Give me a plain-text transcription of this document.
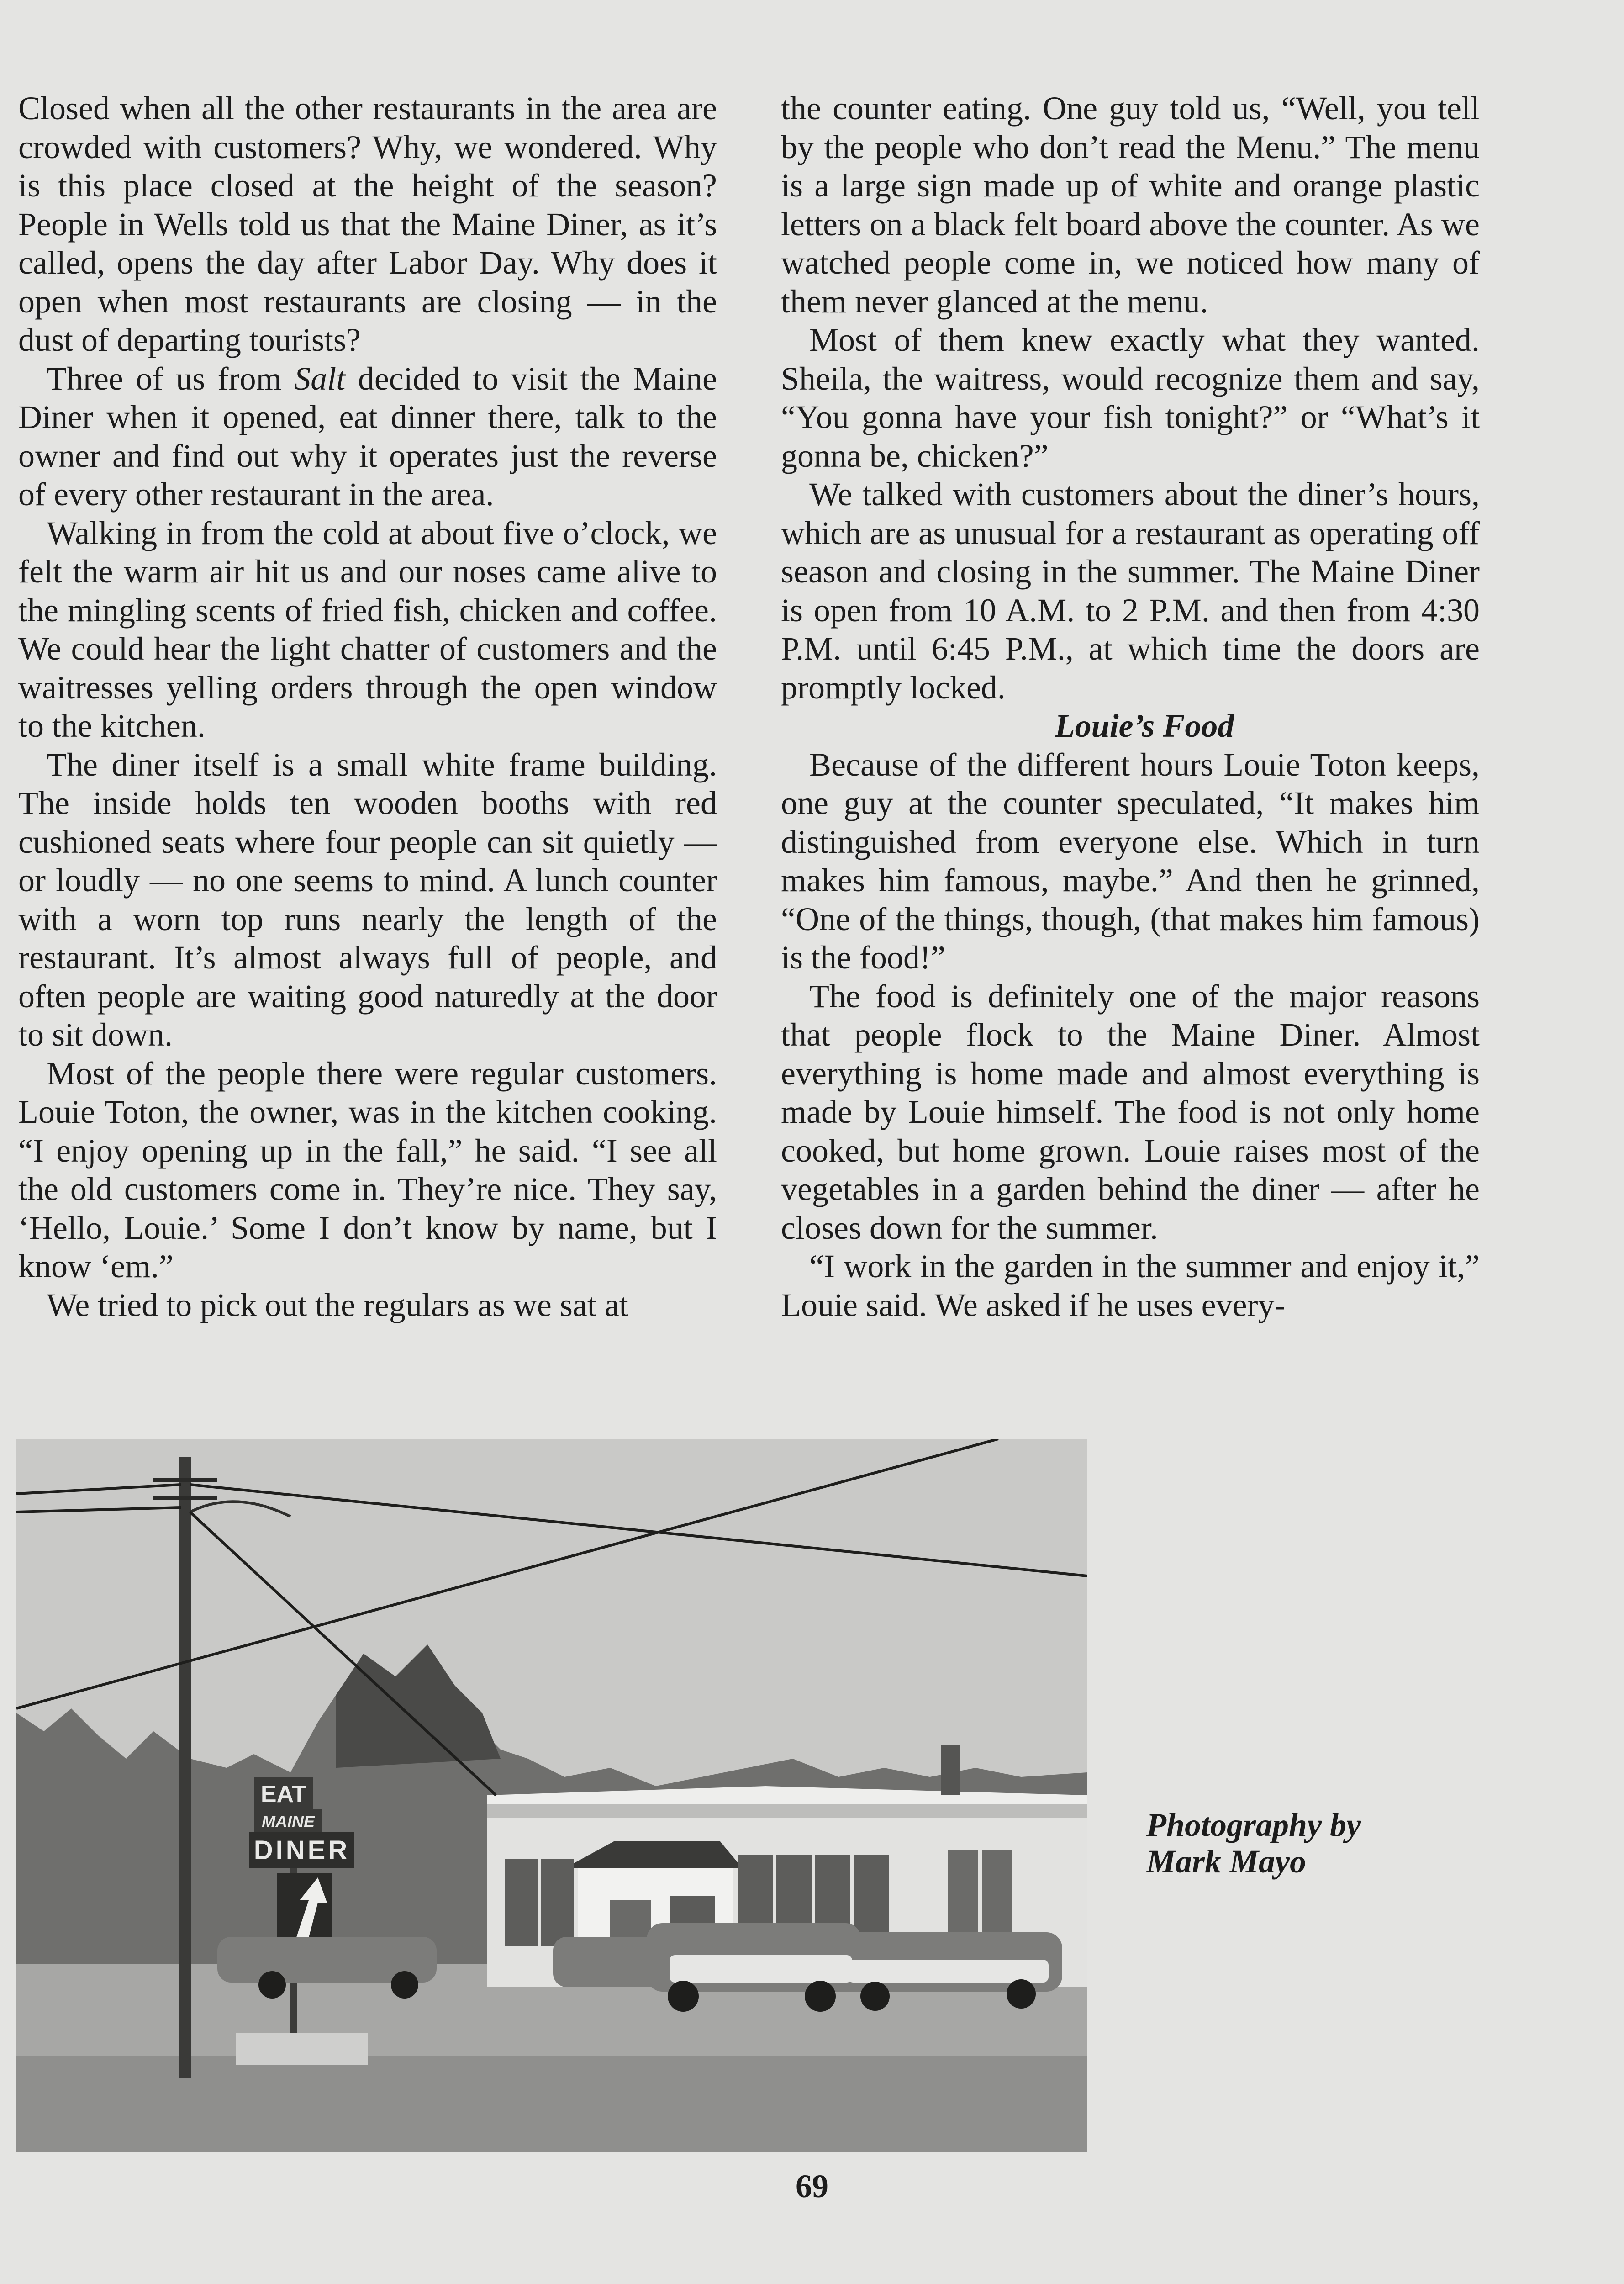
Closed when all the other restaurants in the area are crowded with customers? Why, we wondered. Why is this place closed at the height of the season? People in Wells told us that the Maine Diner, as it’s called, opens the day after Labor Day. Why does it open when most restaurants are closing — in the dust of departing tourists?

Three of us from Salt decided to visit the Maine Diner when it opened, eat dinner there, talk to the owner and find out why it operates just the reverse of every other restaurant in the area.

Walking in from the cold at about five o’clock, we felt the warm air hit us and our noses came alive to the mingling scents of fried fish, chicken and coffee. We could hear the light chatter of customers and the waitresses yelling orders through the open window to the kitchen.

The diner itself is a small white frame building. The inside holds ten wooden booths with red cushioned seats where four people can sit quietly — or loudly — no one seems to mind. A lunch counter with a worn top runs nearly the length of the restaurant. It’s almost always full of people, and often people are waiting good naturedly at the door to sit down.

Most of the people there were regular customers. Louie Toton, the owner, was in the kitchen cooking. “I enjoy opening up in the fall,” he said. “I see all the old customers come in. They’re nice. They say, ‘Hello, Louie.’ Some I don’t know by name, but I know ‘em.”

We tried to pick out the regulars as we sat at

the counter eating. One guy told us, “Well, you tell by the people who don’t read the Menu.” The menu is a large sign made up of white and orange plastic letters on a black felt board above the counter. As we watched people come in, we noticed how many of them never glanced at the menu.

Most of them knew exactly what they wanted. Sheila, the waitress, would recognize them and say, “You gonna have your fish tonight?” or “What’s it gonna be, chicken?”

We talked with customers about the diner’s hours, which are as unusual for a restaurant as operating off season and closing in the summer. The Maine Diner is open from 10 A.M. to 2 P.M. and then from 4:30 P.M. until 6:45 P.M., at which time the doors are promptly locked.

Louie’s Food

Because of the different hours Louie Toton keeps, one guy at the counter speculated, “It makes him distinguished from everyone else. Which in turn makes him famous, maybe.” And then he grinned, “One of the things, though, (that makes him famous) is the food!”

The food is definitely one of the major reasons that people flock to the Maine Diner. Almost everything is home made and almost everything is made by Louie himself. The food is not only home cooked, but home grown. Louie raises most of the vegetables in a garden behind the diner — after he closes down for the summer.

“I work in the garden in the summer and enjoy it,” Louie said. We asked if he uses every-

EAT
MAINE
DINER
Photography by
Mark Mayo
69
